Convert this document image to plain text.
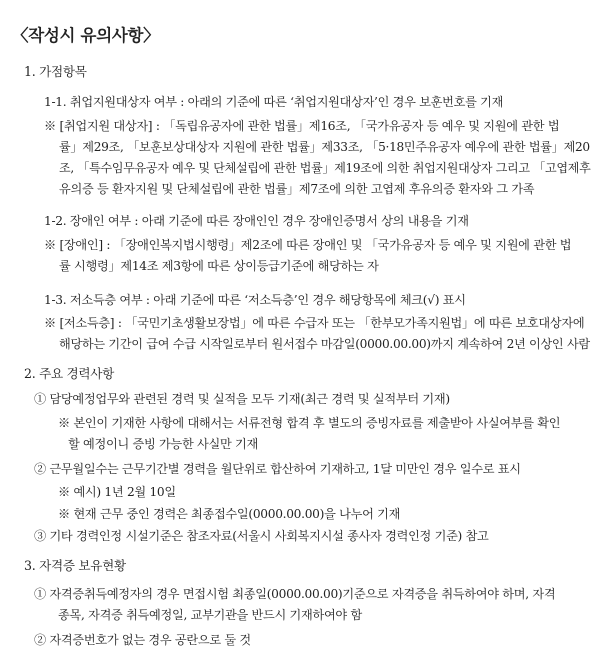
〈작성시 유의사항〉
1. 가점항목
1-1. 취업지원대상자 여부 : 아래의 기준에 따른 ‘취업지원대상자’인 경우 보훈번호를 기재
※ [취업지원 대상자] : 「독립유공자에 관한 법률」제16조, 「국가유공자 등 예우 및 지원에 관한 법
률」제29조, 「보훈보상대상자 지원에 관한 법률」제33조, 「5·18민주유공자 예우에 관한 법률」제20
조, 「특수임무유공자 예우 및 단체설립에 관한 법률」제19조에 의한 취업지원대상자 그리고 「고엽제후
유의증 등 환자지원 및 단체설립에 관한 법률」제7조에 의한 고엽제 후유의증 환자와 그 가족
1-2. 장애인 여부 : 아래 기준에 따른 장애인인 경우 장애인증명서 상의 내용을 기재
※ [장애인] : 「장애인복지법시행령」제2조에 따른 장애인 및 「국가유공자 등 예우 및 지원에 관한 법
률 시행령」제14조 제3항에 따른 상이등급기준에 해당하는 자
1-3. 저소득층 여부 : 아래 기준에 따른 ‘저소득층’인 경우 해당항목에 체크(√) 표시
※ [저소득층] : 「국민기초생활보장법」에 따른 수급자 또는 「한부모가족지원법」에 따른 보호대상자에
해당하는 기간이 급여 수급 시작일로부터 원서접수 마감일(0000.00.00)까지 계속하여 2년 이상인 사람
2. 주요 경력사항
① 담당예정업무와 관련된 경력 및 실적을 모두 기재(최근 경력 및 실적부터 기재)
※ 본인이 기재한 사항에 대해서는 서류전형 합격 후 별도의 증빙자료를 제출받아 사실여부를 확인
할 예정이니 증빙 가능한 사실만 기재
② 근무월일수는 근무기간별 경력을 월단위로 합산하여 기재하고, 1달 미만인 경우 일수로 표시
※ 예시) 1년 2월 10일
※ 현재 근무 중인 경력은 최종접수일(0000.00.00)을 나누어 기재
③ 기타 경력인정 시설기준은 참조자료(서울시 사회복지시설 종사자 경력인정 기준) 참고
3. 자격증 보유현황
① 자격증취득예정자의 경우 면접시험 최종일(0000.00.00)기준으로 자격증을 취득하여야 하며, 자격
종목, 자격증 취득예정일, 교부기관을 반드시 기재하여야 함
② 자격증번호가 없는 경우 공란으로 둘 것
